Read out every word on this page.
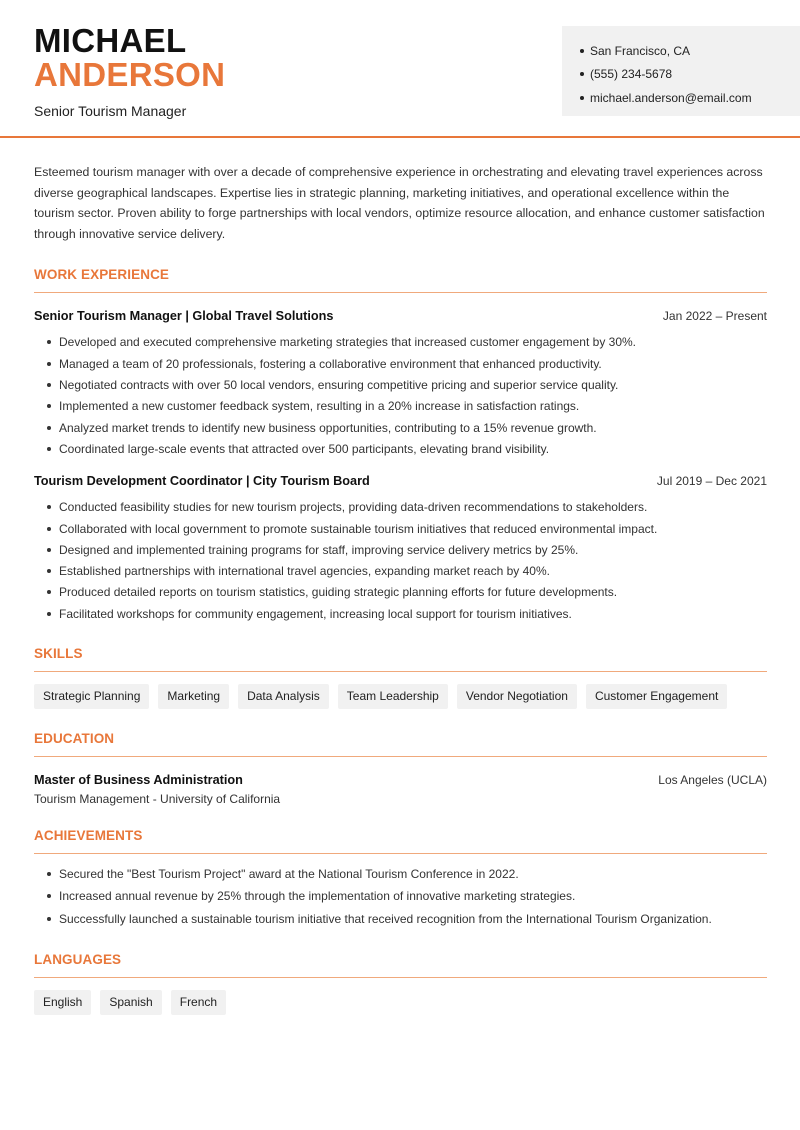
MICHAEL
ANDERSON
Senior Tourism Manager
San Francisco, CA
(555) 234-5678
michael.anderson@email.com

Esteemed tourism manager with over a decade of comprehensive experience in orchestrating and elevating travel experiences across diverse geographical landscapes. Expertise lies in strategic planning, marketing initiatives, and operational excellence within the tourism sector. Proven ability to forge partnerships with local vendors, optimize resource allocation, and enhance customer satisfaction through innovative service delivery.

WORK EXPERIENCE
Senior Tourism Manager | Global Travel Solutions	Jan 2022 – Present
Developed and executed comprehensive marketing strategies that increased customer engagement by 30%.
Managed a team of 20 professionals, fostering a collaborative environment that enhanced productivity.
Negotiated contracts with over 50 local vendors, ensuring competitive pricing and superior service quality.
Implemented a new customer feedback system, resulting in a 20% increase in satisfaction ratings.
Analyzed market trends to identify new business opportunities, contributing to a 15% revenue growth.
Coordinated large-scale events that attracted over 500 participants, elevating brand visibility.
Tourism Development Coordinator | City Tourism Board	Jul 2019 – Dec 2021
Conducted feasibility studies for new tourism projects, providing data-driven recommendations to stakeholders.
Collaborated with local government to promote sustainable tourism initiatives that reduced environmental impact.
Designed and implemented training programs for staff, improving service delivery metrics by 25%.
Established partnerships with international travel agencies, expanding market reach by 40%.
Produced detailed reports on tourism statistics, guiding strategic planning efforts for future developments.
Facilitated workshops for community engagement, increasing local support for tourism initiatives.
SKILLS
Strategic Planning	Marketing	Data Analysis	Team Leadership	Vendor Negotiation	Customer Engagement
EDUCATION
Master of Business Administration	Los Angeles (UCLA)
Tourism Management - University of California
ACHIEVEMENTS
Secured the "Best Tourism Project" award at the National Tourism Conference in 2022.
Increased annual revenue by 25% through the implementation of innovative marketing strategies.
Successfully launched a sustainable tourism initiative that received recognition from the International Tourism Organization.
LANGUAGES
English	Spanish	French
